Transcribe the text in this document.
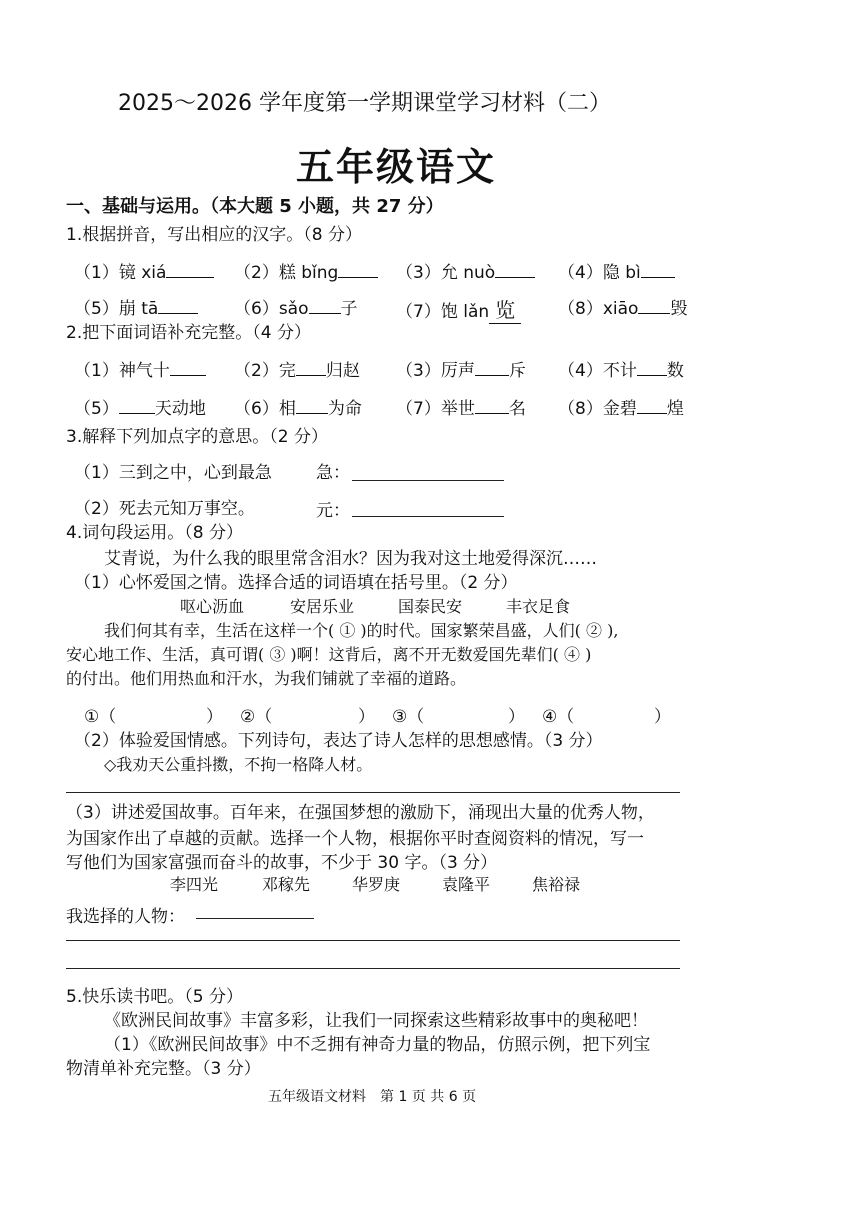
2025～2026 学年度第一学期课堂学习材料（二）
五年级语文
一、基础与运用。（本大题 5 小题，共 27 分）
1.根据拼音，写出相应的汉字。（8 分）
（1）镜 xiá	（2）糕 bǐng	（3）允 nuò	（4）隐 bì
（5）崩 tā	（6）sǎo 子 （7）饱 lǎn 览	（8）xiāo 毁
2.把下面词语补充完整。（4 分）
（1）神气十	（2）完 归赵 （3）厉声 斥 （4）不计 数
（5） 天动地 （6）相 为命 （7）举世 名 （8）金碧 煌
3.解释下列加点字的意思。（2 分）
（1）三到之中，心到最急	急：
（2）死去元知万事空。	元：
4.词句段运用。（8 分）
艾青说，为什么我的眼里常含泪水？因为我对这土地爱得深沉……
（1）心怀爱国之情。选择合适的词语填在括号里。（2 分）
呕心沥血	安居乐业	国泰民安	丰衣足食
我们何其有幸，生活在这样一个( ① )的时代。国家繁荣昌盛，人们( ② ),
安心地工作、生活，真可谓( ③ )啊！这背后，离不开无数爱国先辈们( ④ )
的付出。他们用热血和汗水，为我们铺就了幸福的道路。
①（	） ②（	） ③（	） ④（	）
（2）体验爱国情感。下列诗句，表达了诗人怎样的思想感情。（3 分）
◇我劝天公重抖擞，不拘一格降人材。
（3）讲述爱国故事。百年来，在强国梦想的激励下，涌现出大量的优秀人物，
为国家作出了卓越的贡献。选择一个人物，根据你平时查阅资料的情况，写一
写他们为国家富强而奋斗的故事，不少于 30 字。（3 分）
李四光	邓稼先	华罗庚	袁隆平	焦裕禄
我选择的人物：
5.快乐读书吧。（5 分）
《欧洲民间故事》丰富多彩，让我们一同探索这些精彩故事中的奥秘吧！
（1）《欧洲民间故事》中不乏拥有神奇力量的物品，仿照示例，把下列宝
物清单补充完整。（3 分）
五年级语文材料　第 1 页 共 6 页
